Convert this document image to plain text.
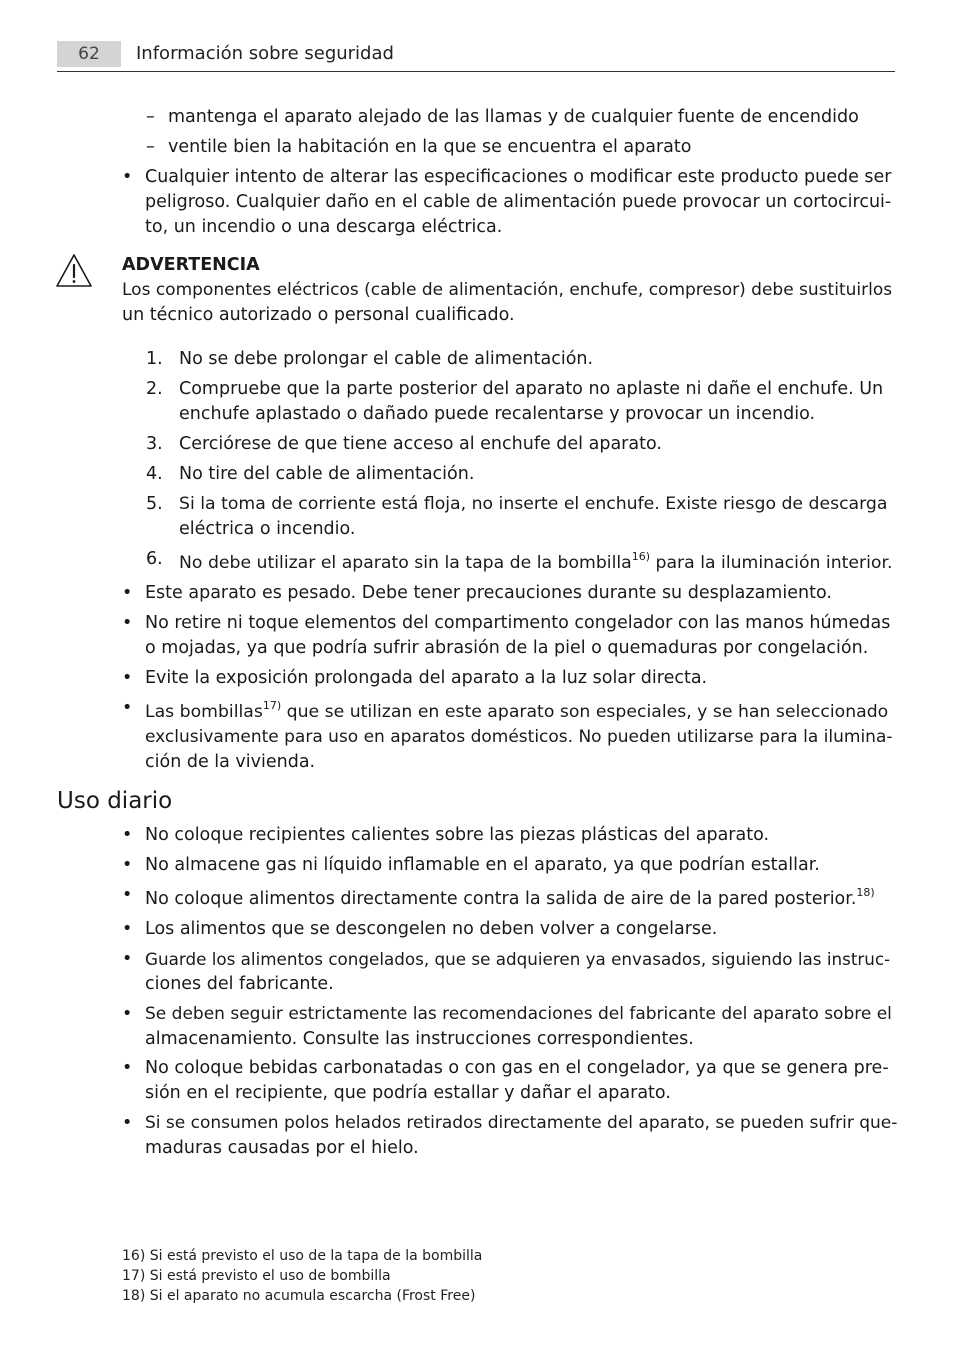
62	Información sobre seguridad
– mantenga el aparato alejado de las llamas y de cualquier fuente de encendido
– ventile bien la habitación en la que se encuentra el aparato
• Cualquier intento de alterar las especificaciones o modificar este producto puede ser
peligroso. Cualquier daño en el cable de alimentación puede provocar un cortocircui-
to, un incendio o una descarga eléctrica.
ADVERTENCIA
Los componentes eléctricos (cable de alimentación, enchufe, compresor) debe sustituirlos
un técnico autorizado o personal cualificado.
1. No se debe prolongar el cable de alimentación.
2. Compruebe que la parte posterior del aparato no aplaste ni dañe el enchufe. Un
enchufe aplastado o dañado puede recalentarse y provocar un incendio.
3. Cerciórese de que tiene acceso al enchufe del aparato.
4. No tire del cable de alimentación.
5. Si la toma de corriente está floja, no inserte el enchufe. Existe riesgo de descarga
eléctrica o incendio.
6. No debe utilizar el aparato sin la tapa de la bombilla$^{16)}$ para la iluminación interior.
• Este aparato es pesado. Debe tener precauciones durante su desplazamiento.
• No retire ni toque elementos del compartimento congelador con las manos húmedas
o mojadas, ya que podría sufrir abrasión de la piel o quemaduras por congelación.
• Evite la exposición prolongada del aparato a la luz solar directa.
• Las bombillas$^{17)}$ que se utilizan en este aparato son especiales, y se han seleccionado
exclusivamente para uso en aparatos domésticos. No pueden utilizarse para la ilumina-
ción de la vivienda.
Uso diario
• No coloque recipientes calientes sobre las piezas plásticas del aparato.
• No almacene gas ni líquido inflamable en el aparato, ya que podrían estallar.
• No coloque alimentos directamente contra la salida de aire de la pared posterior.$^{18)}$
• Los alimentos que se descongelen no deben volver a congelarse.
• Guarde los alimentos congelados, que se adquieren ya envasados, siguiendo las instruc-
ciones del fabricante.
• Se deben seguir estrictamente las recomendaciones del fabricante del aparato sobre el
almacenamiento. Consulte las instrucciones correspondientes.
• No coloque bebidas carbonatadas o con gas en el congelador, ya que se genera pre-
sión en el recipiente, que podría estallar y dañar el aparato.
• Si se consumen polos helados retirados directamente del aparato, se pueden sufrir que-
maduras causadas por el hielo.
16) Si está previsto el uso de la tapa de la bombilla
17) Si está previsto el uso de bombilla
18) Si el aparato no acumula escarcha (Frost Free)
